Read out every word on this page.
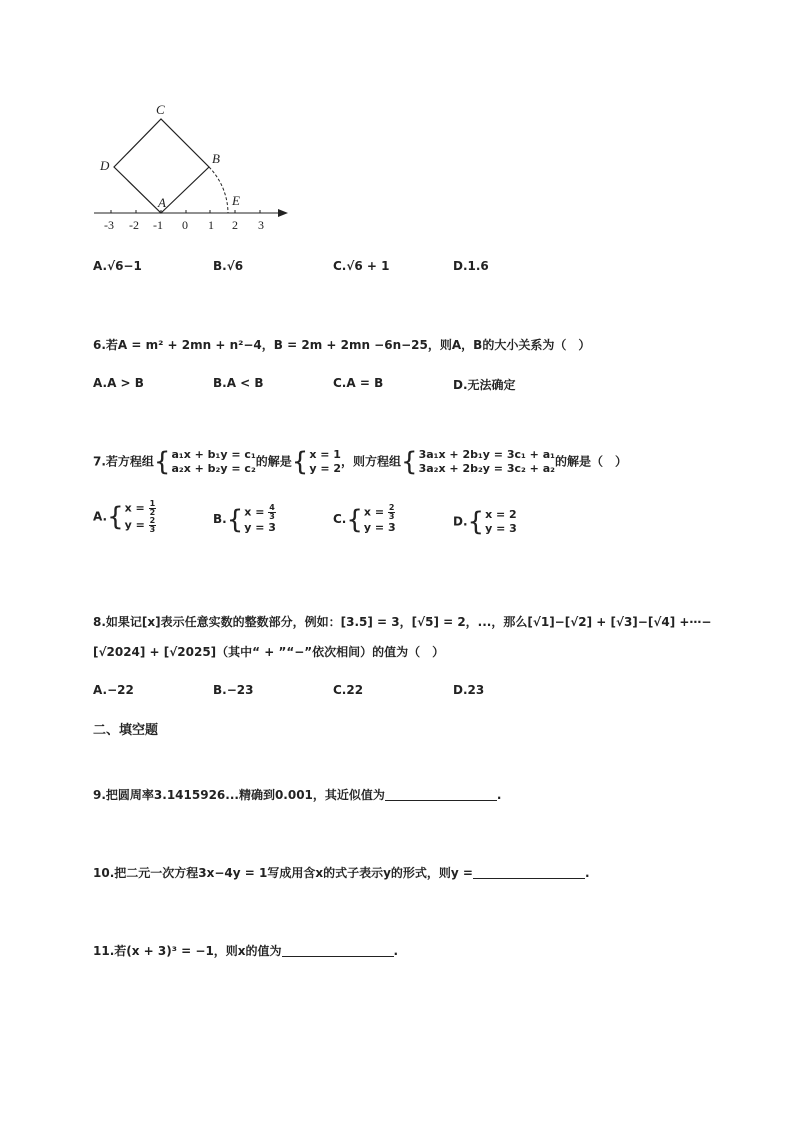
C
B
D
A	E
-3 -2 -1 0 1 2 3
A.√6−1	B.√6	C.√6 + 1	D.1.6
6.若A = m² + 2mn + n²−4，B = 2m + 2mn −6n−25，则A，B的大小关系为（　）
A.A > B	B.A < B	C.A = B	D.无法确定
7.若方程组{ a₁x + b₁y = c₁
a₂x + b₂y = c₂ 的解是{ x = 1
y = 2 ，则方程组{ 3a₁x + 2b₁y = 3c₁ + a₁
3a₂x + 2b₂y = 3c₂ + a₂ 的解是（　）
A.{ $x = \frac{1}{2}$
$y = \frac{2}{3}$	B.{ $x = \frac{4}{3}$
y = 3
C.{ $x = \frac{2}{3}$
y = 3	D.{ x = 2
y = 3
8.如果记[x]表示任意实数的整数部分，例如：[3.5] = 3，[√5] = 2，...，那么[√1]−[√2] + [√3]−[√4] +⋯−
[√2024] + [√2025]（其中“ + ”“−”依次相间）的值为（　）
A.−22	B.−23	C.22	D.23
二、填空题
9.把圆周率3.1415926...精确到0.001，其近似值为	.
10.把二元一次方程3x−4y = 1写成用含x的式子表示y的形式，则y =	.
11.若(x + 3)³ = −1，则x的值为	.
